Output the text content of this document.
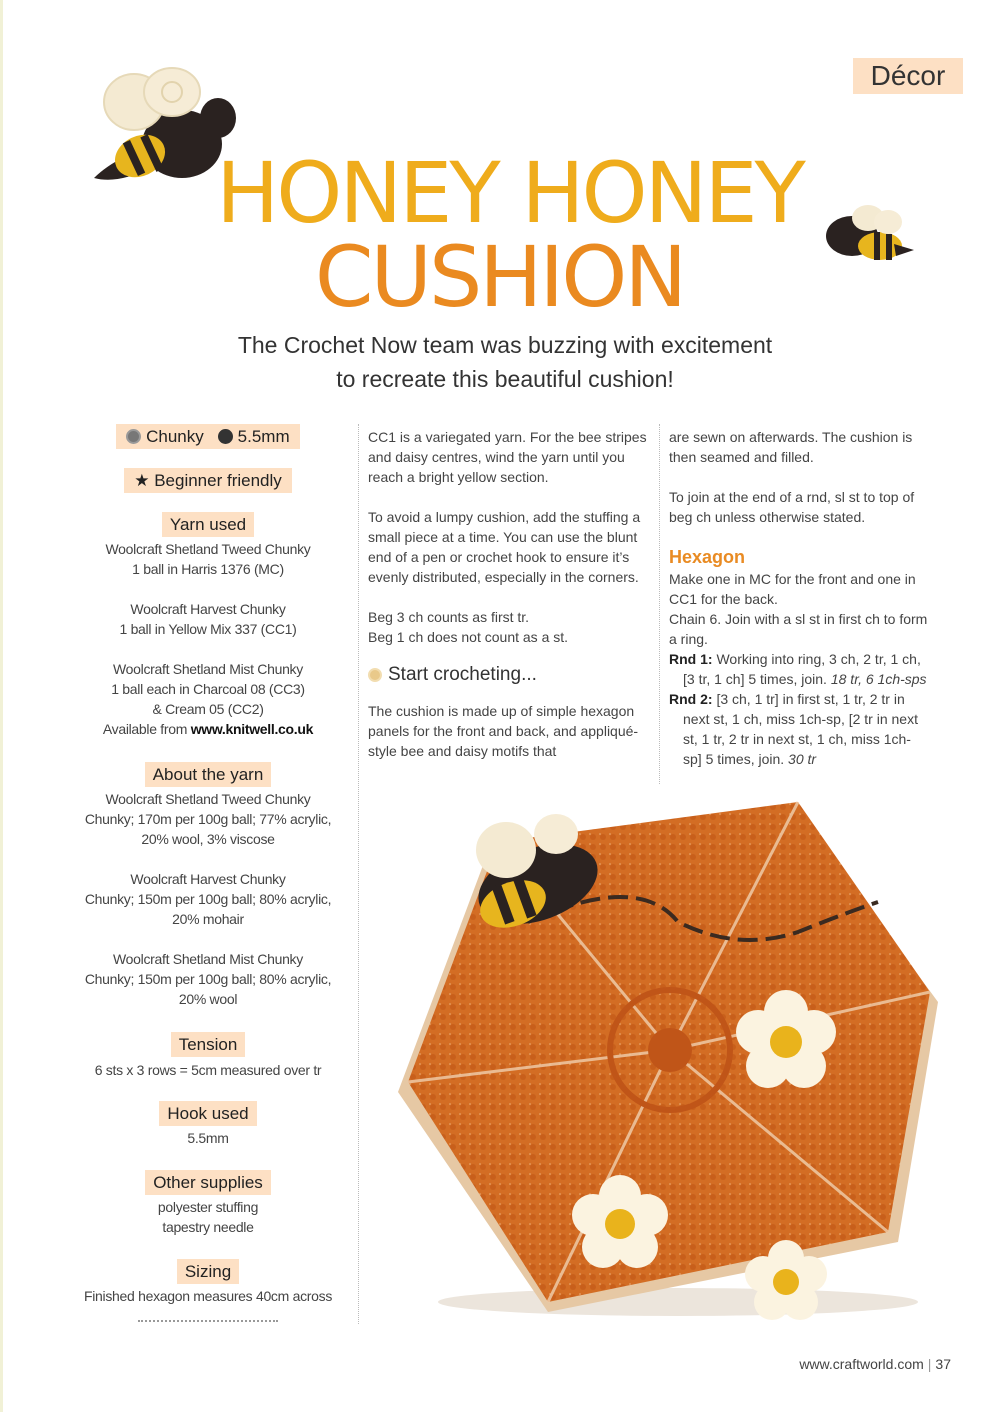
Décor
HONEY HONEY
CUSHION
The Crochet Now team was buzzing with excitement
to recreate this beautiful cushion!
Chunky 5.5mm
★ Beginner friendly
Yarn used
Woolcraft Shetland Tweed Chunky
1 ball in Harris 1376 (MC)
Woolcraft Harvest Chunky
1 ball in Yellow Mix 337 (CC1)
Woolcraft Shetland Mist Chunky
1 ball each in Charcoal 08 (CC3)
& Cream 05 (CC2)
Available from www.knitwell.co.uk
About the yarn
Woolcraft Shetland Tweed Chunky
Chunky; 170m per 100g ball; 77% acrylic,
20% wool, 3% viscose
Woolcraft Harvest Chunky
Chunky; 150m per 100g ball; 80% acrylic,
20% mohair
Woolcraft Shetland Mist Chunky
Chunky; 150m per 100g ball; 80% acrylic,
20% wool
Tension
6 sts x 3 rows = 5cm measured over tr
Hook used
5.5mm
Other supplies
polyester stuffing
tapestry needle
Sizing
Finished hexagon measures 40cm across

CC1 is a variegated yarn. For the bee stripes and daisy centres, wind the yarn until you reach a bright yellow section.

To avoid a lumpy cushion, add the stuffing a small piece at a time. You can use the blunt end of a pen or crochet hook to ensure it’s evenly distributed, especially in the corners.

Beg 3 ch counts as first tr.
Beg 1 ch does not count as a st.

Start crocheting...

The cushion is made up of simple hexagon panels for the front and back, and appliqué-style bee and daisy motifs that

are sewn on afterwards. The cushion is then seamed and filled.

To join at the end of a rnd, sl st to top of beg ch unless otherwise stated.

Hexagon
Make one in MC for the front and one in CC1 for the back.
Chain 6. Join with a sl st in first ch to form a ring.
Rnd 1: Working into ring, 3 ch, 2 tr, 1 ch, [3 tr, 1 ch] 5 times, join. 18 tr, 6 1ch-sps
Rnd 2: [3 ch, 1 tr] in first st, 1 tr, 2 tr in next st, 1 ch, miss 1ch-sp, [2 tr in next st, 1 tr, 2 tr in next st, 1 ch, miss 1ch-sp] 5 times, join. 30 tr
www.craftworld.com | 37
